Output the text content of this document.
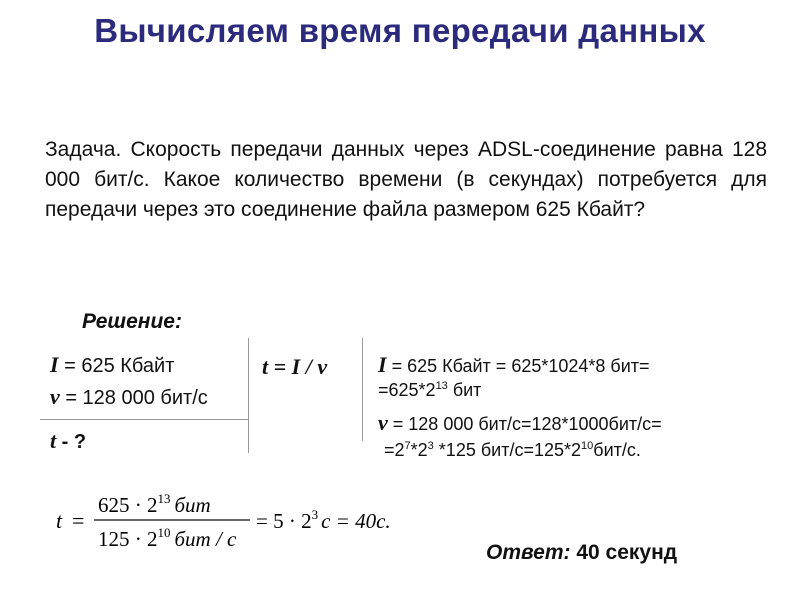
Вычисляем время передачи данных
Задача. Скорость передачи данных через ADSL-соединение равна 128 000 бит/с. Какое количество времени (в секундах) потребуется для передачи через это соединение файла размером 625 Кбайт?
Решение:
I = 625 Кбайт
v = 128 000 бит/с
t - ?
t = I / v I = 625 Кбайт = 625*1024*8 бит=
$=625*2^{13}$ бит
v = 128 000 бит/с=128*1000бит/с=
$=2^7*2^3$ *125 бит/$с=125*2^{10}бит/с$.
t =
$625 \cdot 2^{13}$ бит
$125 \cdot 2^{10}$ бит / с
= $5 \cdot 2^3$ с = 40с.
Ответ: 40 секунд
